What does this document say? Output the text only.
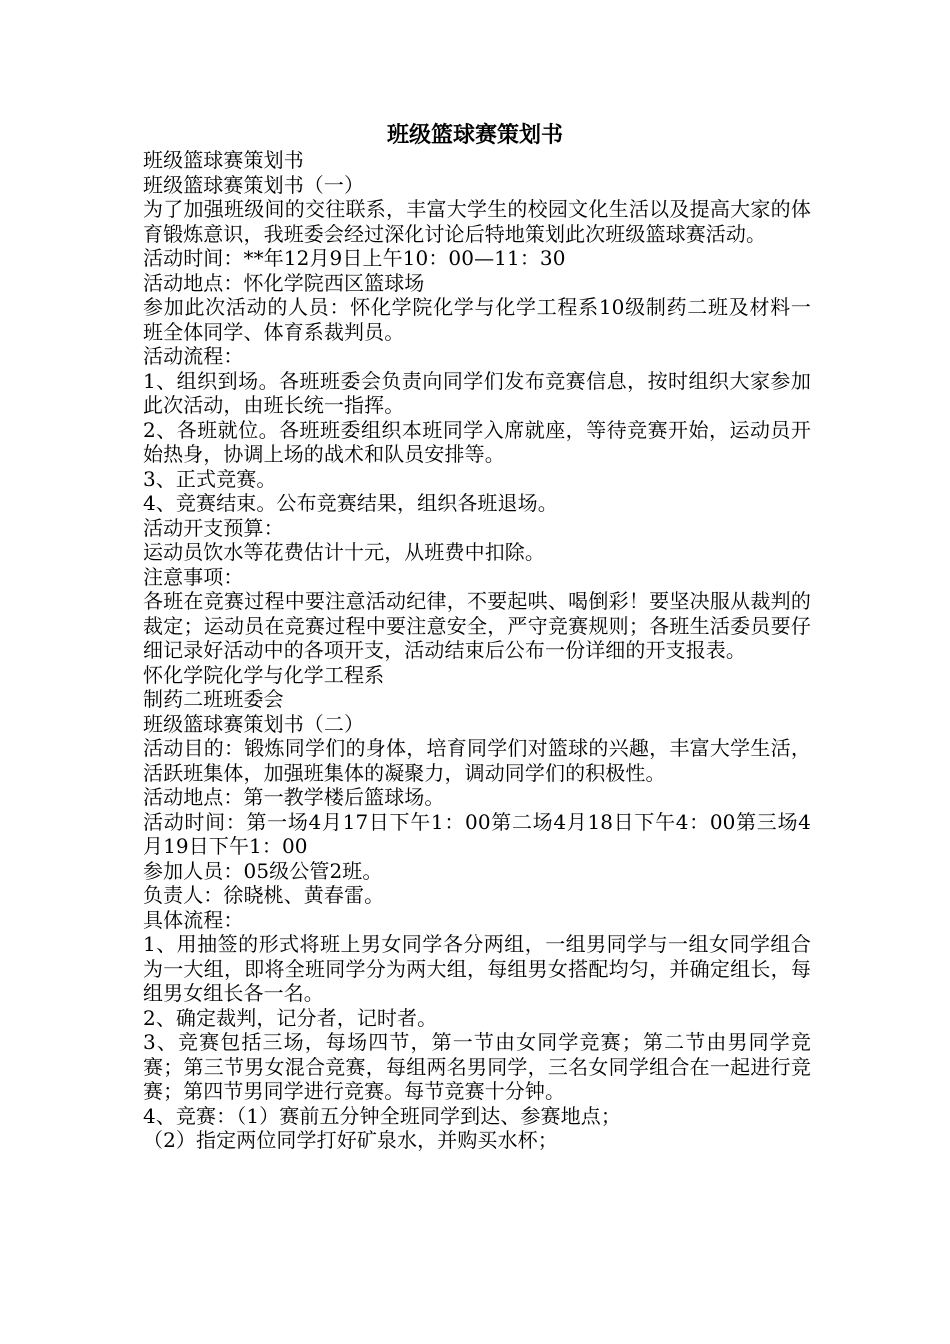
班级篮球赛策划书

班级篮球赛策划书

班级篮球赛策划书（一）

为了加强班级间的交往联系，丰富大学生的校园文化生活以及提高大家的体育锻炼意识，我班委会经过深化讨论后特地策划此次班级篮球赛活动。

活动时间：**年12月9日上午10：00—11：30

活动地点：怀化学院西区篮球场

参加此次活动的人员：怀化学院化学与化学工程系10级制药二班及材料一班全体同学、体育系裁判员。

活动流程：

1、组织到场。各班班委会负责向同学们发布竞赛信息，按时组织大家参加此次活动，由班长统一指挥。

2、各班就位。各班班委组织本班同学入席就座，等待竞赛开始，运动员开始热身，协调上场的战术和队员安排等。

3、正式竞赛。

4、竞赛结束。公布竞赛结果，组织各班退场。

活动开支预算：

运动员饮水等花费估计十元，从班费中扣除。

注意事项：

各班在竞赛过程中要注意活动纪律，不要起哄、喝倒彩！要坚决服从裁判的裁定；运动员在竞赛过程中要注意安全，严守竞赛规则；各班生活委员要仔细记录好活动中的各项开支，活动结束后公布一份详细的开支报表。

怀化学院化学与化学工程系

制药二班班委会

班级篮球赛策划书（二）

活动目的：锻炼同学们的身体，培育同学们对篮球的兴趣，丰富大学生活，活跃班集体，加强班集体的凝聚力，调动同学们的积极性。

活动地点：第一教学楼后篮球场。

活动时间：第一场4月17日下午1：00第二场4月18日下午4：00第三场4月19日下午1：00

参加人员：05级公管2班。

负责人：徐晓桃、黄春雷。

具体流程：

1、用抽签的形式将班上男女同学各分两组，一组男同学与一组女同学组合为一大组，即将全班同学分为两大组，每组男女搭配均匀，并确定组长，每组男女组长各一名。

2、确定裁判，记分者，记时者。

3、竞赛包括三场，每场四节，第一节由女同学竞赛；第二节由男同学竞赛；第三节男女混合竞赛，每组两名男同学，三名女同学组合在一起进行竞赛；第四节男同学进行竞赛。每节竞赛十分钟。

4、竞赛：（1）赛前五分钟全班同学到达、参赛地点；

（2）指定两位同学打好矿泉水，并购买水杯；
